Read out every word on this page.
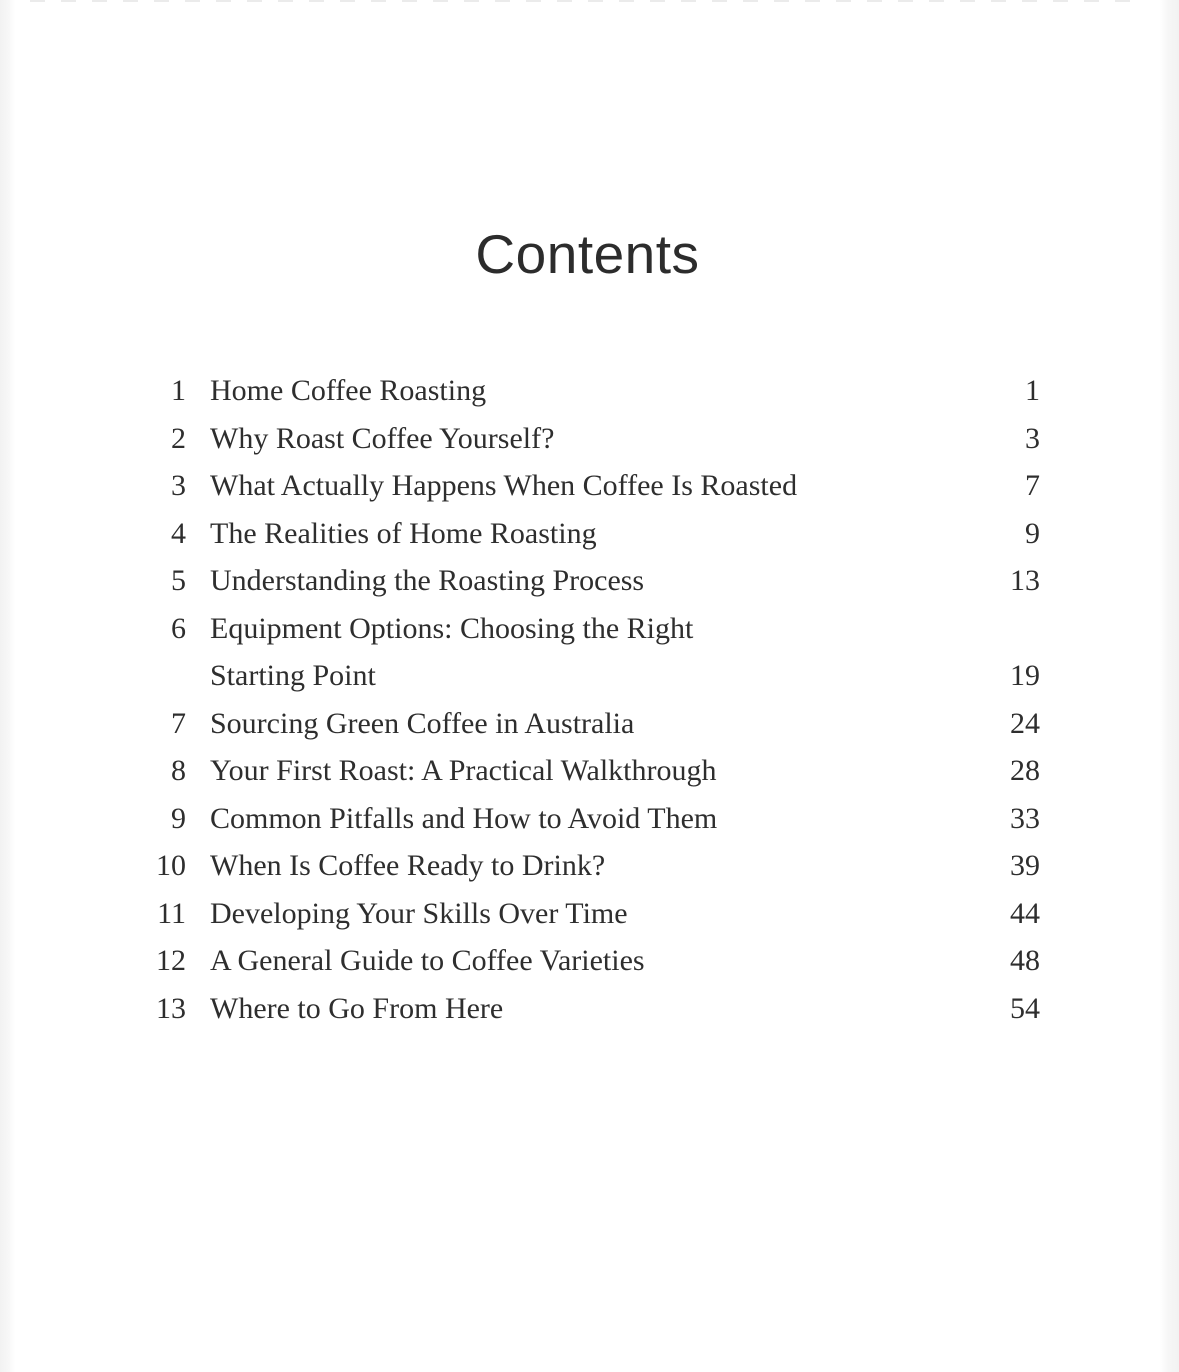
Contents
1 Home Coffee Roasting	1
2 Why Roast Coffee Yourself?	3
3 What Actually Happens When Coffee Is Roasted	7
4 The Realities of Home Roasting	9
5 Understanding the Roasting Process	13
6 Equipment Options: Choosing the Right
Starting Point	19
7 Sourcing Green Coffee in Australia	24
8 Your First Roast: A Practical Walkthrough	28
9 Common Pitfalls and How to Avoid Them	33
10 When Is Coffee Ready to Drink?	39
11 Developing Your Skills Over Time	44
12 A General Guide to Coffee Varieties	48
13 Where to Go From Here	54
